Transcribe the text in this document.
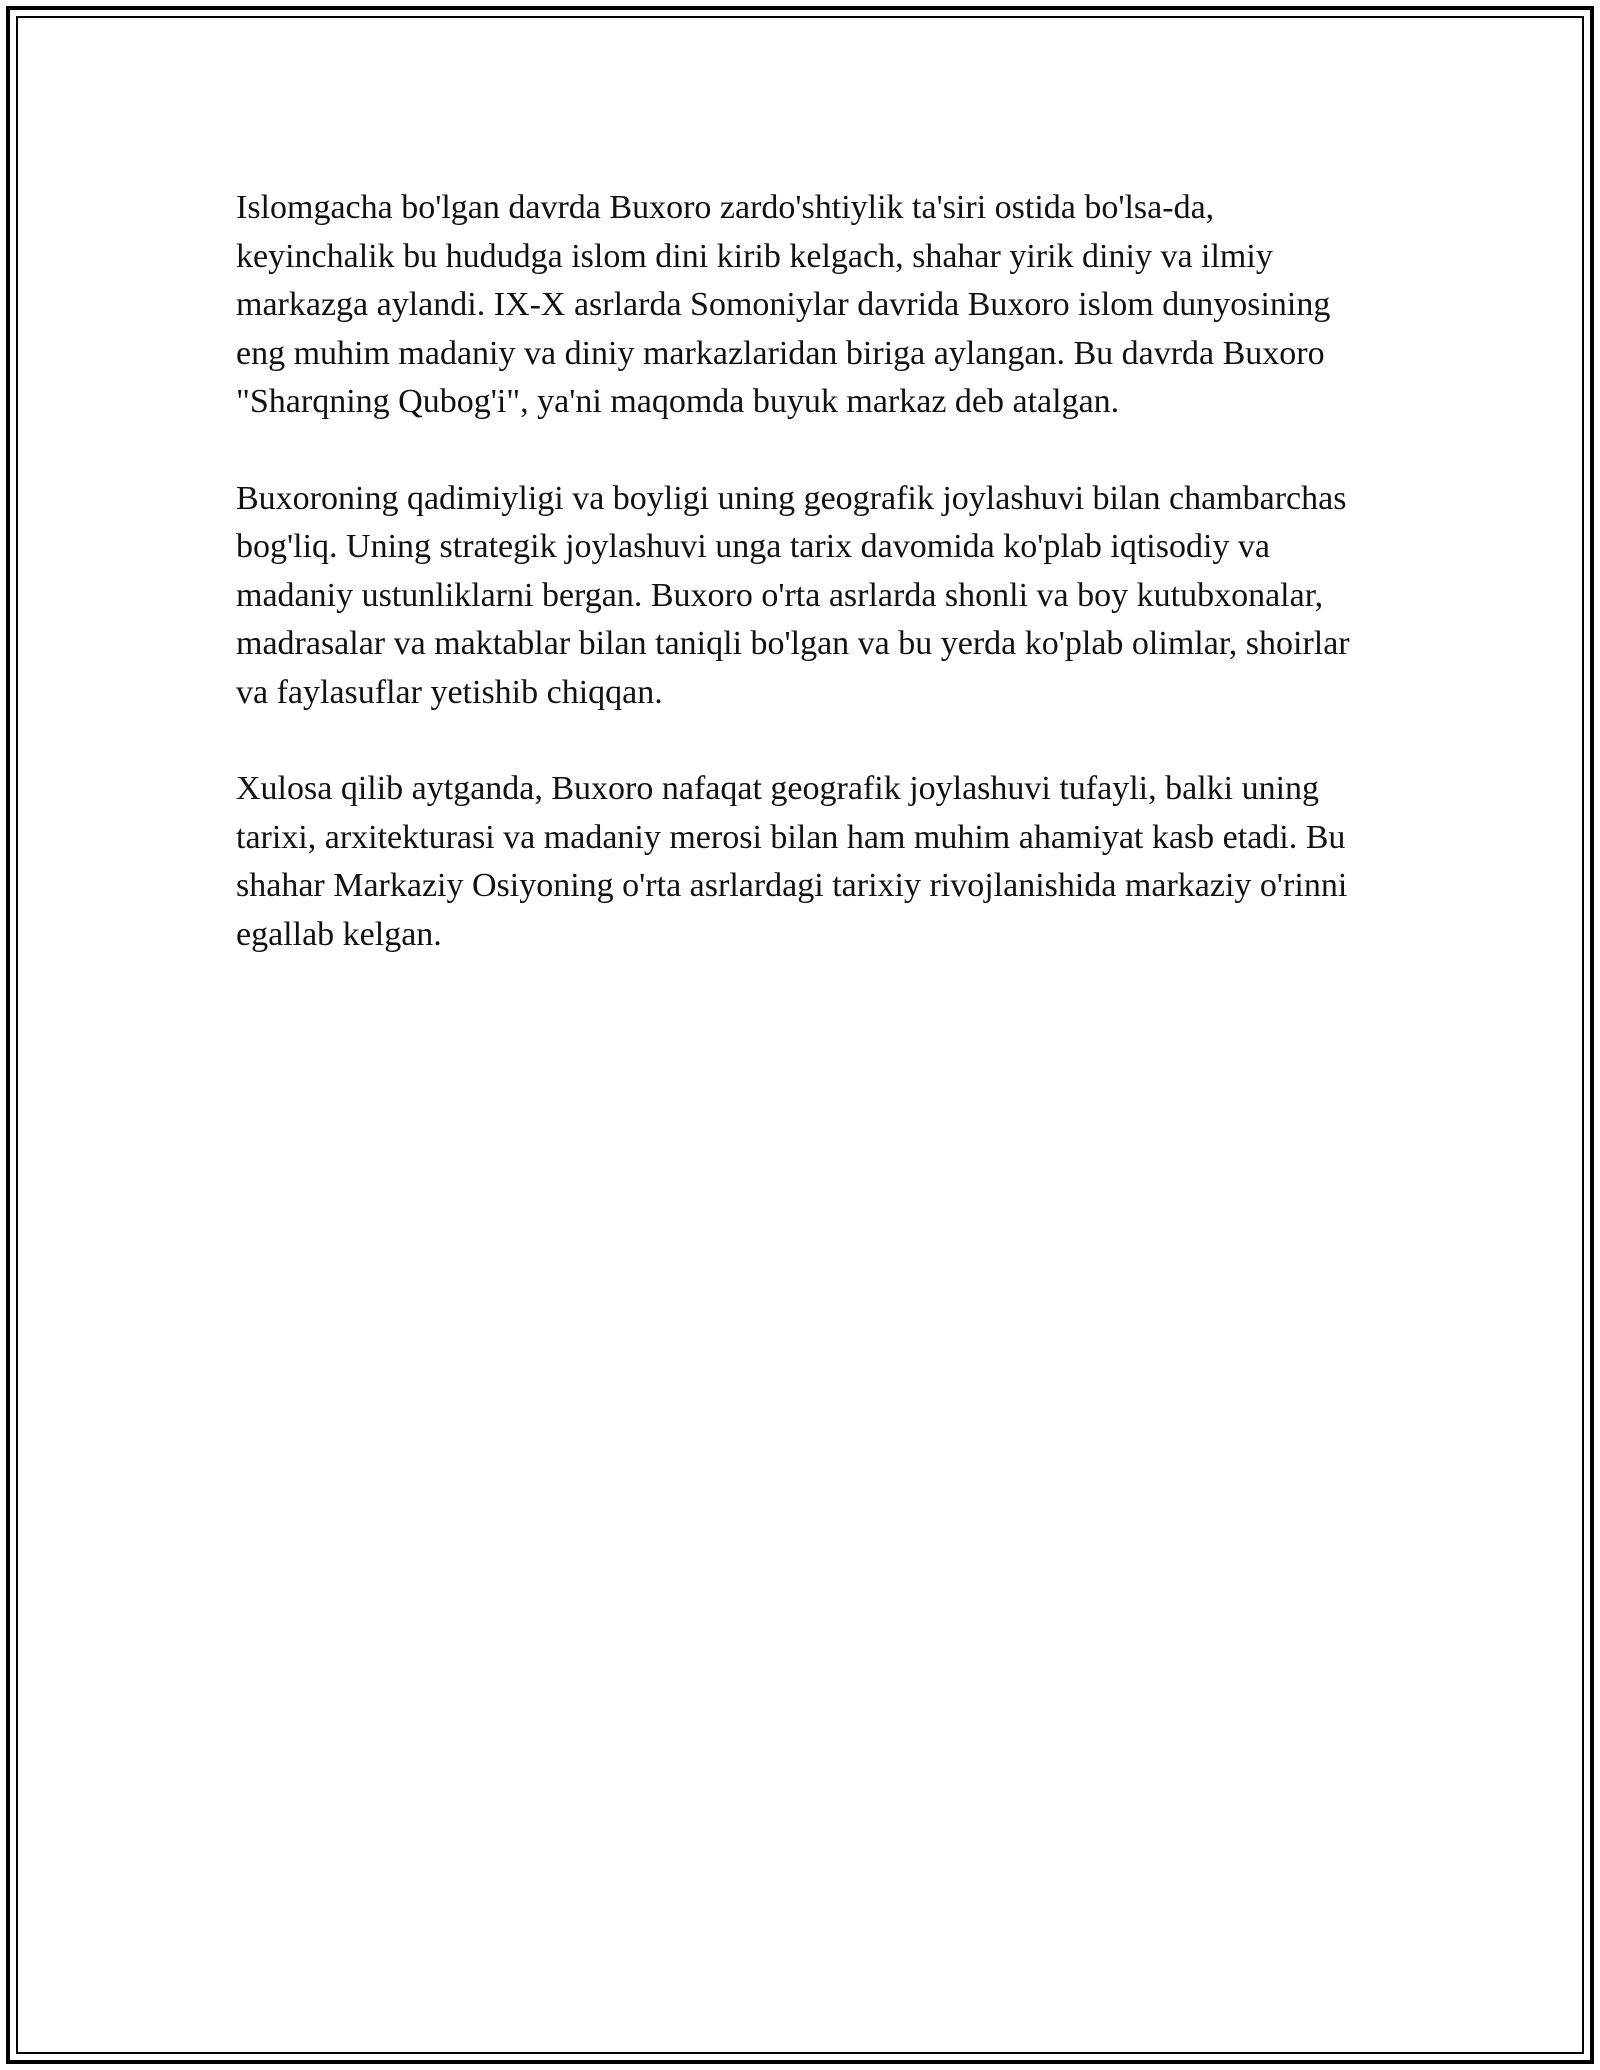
Islomgacha bo'lgan davrda Buxoro zardo'shtiylik ta'siri ostida bo'lsa-da, keyinchalik bu hududga islom dini kirib kelgach, shahar yirik diniy va ilmiy markazga aylandi. IX-X asrlarda Somoniylar davrida Buxoro islom dunyosining eng muhim madaniy va diniy markazlaridan biriga aylangan. Bu davrda Buxoro "Sharqning Qubog'i", ya'ni maqomda buyuk markaz deb atalgan.

Buxoroning qadimiyligi va boyligi uning geografik joylashuvi bilan chambarchas bog'liq. Uning strategik joylashuvi unga tarix davomida ko'plab iqtisodiy va madaniy ustunliklarni bergan. Buxoro o'rta asrlarda shonli va boy kutubxonalar, madrasalar va maktablar bilan taniqli bo'lgan va bu yerda ko'plab olimlar, shoirlar va faylasuflar yetishib chiqqan.

Xulosa qilib aytganda, Buxoro nafaqat geografik joylashuvi tufayli, balki uning tarixi, arxitekturasi va madaniy merosi bilan ham muhim ahamiyat kasb etadi. Bu shahar Markaziy Osiyoning o'rta asrlardagi tarixiy rivojlanishida markaziy o'rinni egallab kelgan.
